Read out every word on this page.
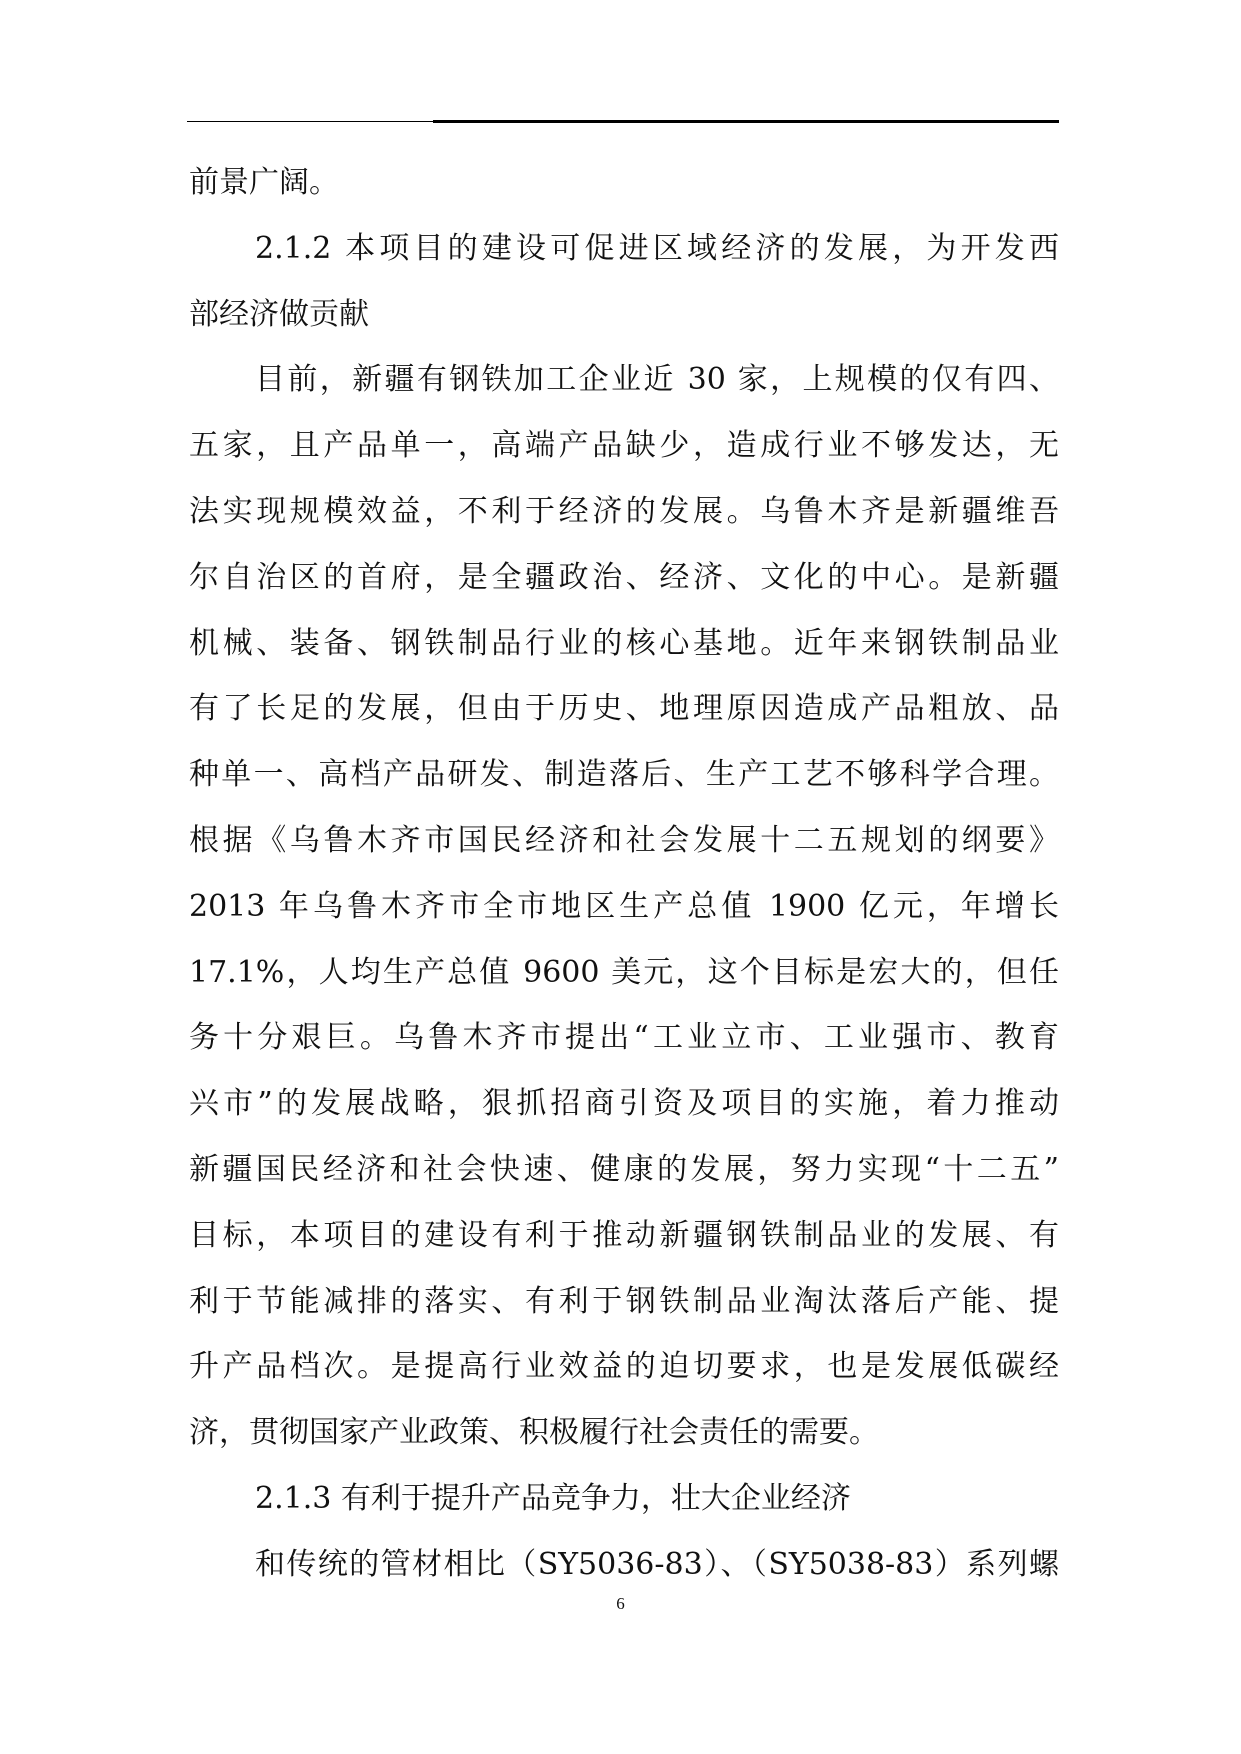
前景广阔。
2.1.2 本项目的建设可促进区域经济的发展，为开发西
部经济做贡献
目前，新疆有钢铁加工企业近 30 家，上规模的仅有四、
五家，且产品单一，高端产品缺少，造成行业不够发达，无
法实现规模效益，不利于经济的发展。乌鲁木齐是新疆维吾
尔自治区的首府，是全疆政治、经济、文化的中心。是新疆
机械、装备、钢铁制品行业的核心基地。近年来钢铁制品业
有了长足的发展，但由于历史、地理原因造成产品粗放、品
种单一、高档产品研发、制造落后、生产工艺不够科学合理。
根据《乌鲁木齐市国民经济和社会发展十二五规划的纲要》
2013 年乌鲁木齐市全市地区生产总值 1900 亿元，年增长
17.1%，人均生产总值 9600 美元，这个目标是宏大的，但任
务十分艰巨。乌鲁木齐市提出“工业立市、工业强市、教育
兴市”的发展战略，狠抓招商引资及项目的实施，着力推动
新疆国民经济和社会快速、健康的发展，努力实现“十二五”
目标，本项目的建设有利于推动新疆钢铁制品业的发展、有
利于节能减排的落实、有利于钢铁制品业淘汰落后产能、提
升产品档次。是提高行业效益的迫切要求，也是发展低碳经
济，贯彻国家产业政策、积极履行社会责任的需要。
2.1.3 有利于提升产品竞争力，壮大企业经济
和传统的管材相比（SY5036-83）、（SY5038-83）系列螺
6
